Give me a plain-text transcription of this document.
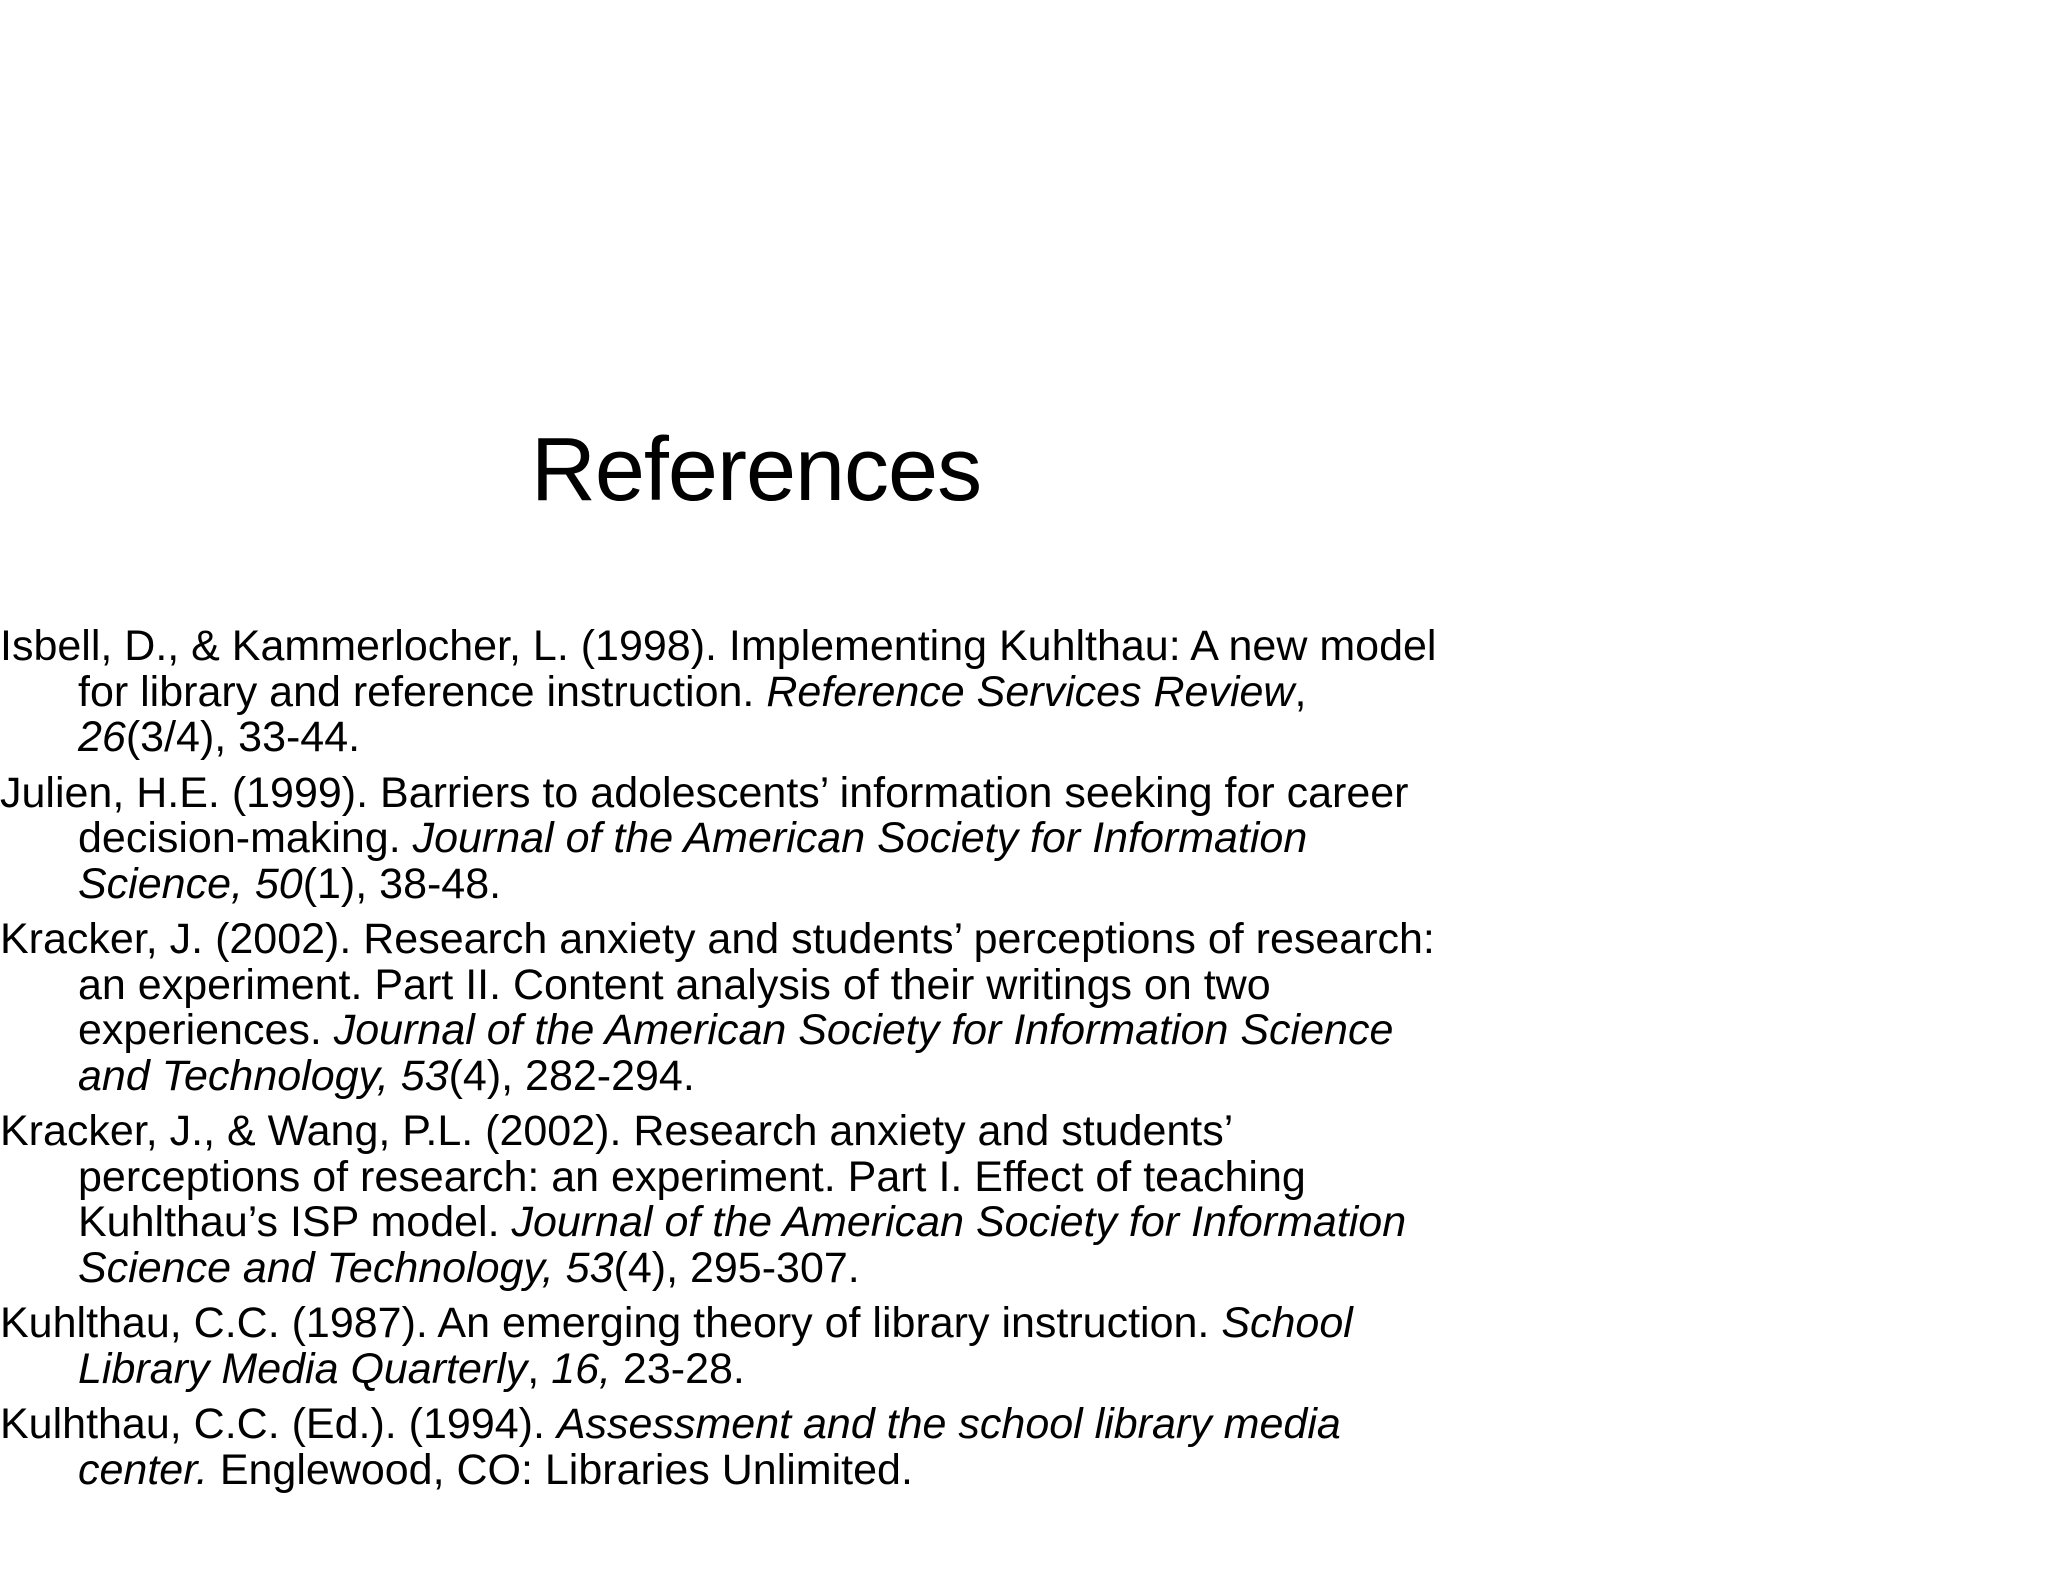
References
Isbell, D., & Kammerlocher, L. (1998). Implementing Kuhlthau: A new model
for library and reference instruction. Reference Services Review,
26(3/4), 33-44.
Julien, H.E. (1999). Barriers to adolescents’ information seeking for career
decision-making. Journal of the American Society for Information
Science, 50(1), 38-48.
Kracker, J. (2002). Research anxiety and students’ perceptions of research:
an experiment. Part II. Content analysis of their writings on two
experiences. Journal of the American Society for Information Science
and Technology, 53(4), 282-294.
Kracker, J., & Wang, P.L. (2002). Research anxiety and students’
perceptions of research: an experiment. Part I. Effect of teaching
Kuhlthau’s ISP model. Journal of the American Society for Information
Science and Technology, 53(4), 295-307.
Kuhlthau, C.C. (1987). An emerging theory of library instruction. School
Library Media Quarterly, 16, 23-28.
Kulhthau, C.C. (Ed.). (1994). Assessment and the school library media
center. Englewood, CO: Libraries Unlimited.
